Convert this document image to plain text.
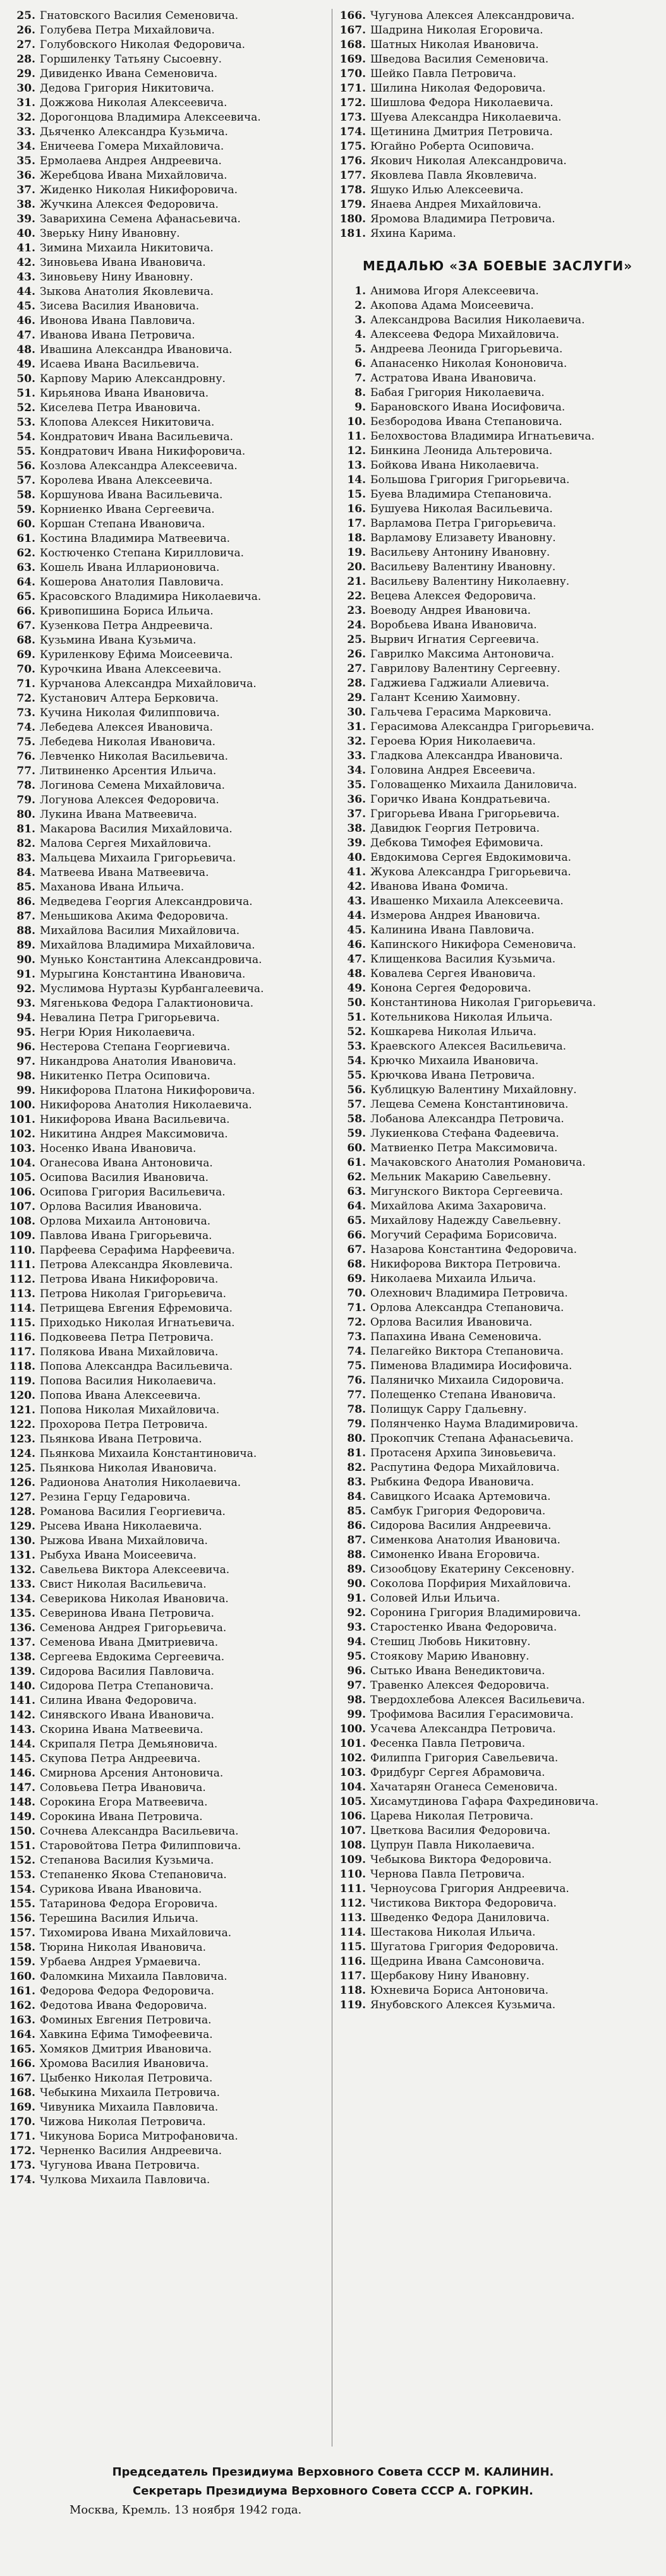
25. Гнатовского Василия Семеновича.
26. Голубева Петра Михайловича.
27. Голубовского Николая Федоровича.
28. Горшиленку Татьяну Сысоевну.
29. Дивиденко Ивана Семеновича.
30. Дедова Григория Никитовича.
31. Дожжова Николая Алексеевича.
32. Дорогонцова Владимира Алексеевича.
33. Дьяченко Александра Кузьмича.
34. Еничеева Гомера Михайловича.
35. Ермолаева Андрея Андреевича.
36. Жеребцова Ивана Михайловича.
37. Жиденко Николая Никифоровича.
38. Жучкина Алексея Федоровича.
39. Заварихина Семена Афанасьевича.
40. Зверьку Нину Ивановну.
41. Зимина Михаила Никитовича.
42. Зиновьева Ивана Ивановича.
43. Зиновьеву Нину Ивановну.
44. Зыкова Анатолия Яковлевича.
45. Зисева Василия Ивановича.
46. Ивонова Ивана Павловича.
47. Иванова Ивана Петровича.
48. Ивашина Александра Ивановича.
49. Исаева Ивана Васильевича.
50. Карпову Марию Александровну.
51. Кирьянова Ивана Ивановича.
52. Киселева Петра Ивановича.
53. Клопова Алексея Никитовича.
54. Кондратович Ивана Васильевича.
55. Кондратович Ивана Никифоровича.
56. Козлова Александра Алексеевича.
57. Королева Ивана Алексеевича.
58. Коршунова Ивана Васильевича.
59. Корниенко Ивана Сергеевича.
60. Коршан Степана Ивановича.
61. Костина Владимира Матвеевича.
62. Костюченко Степана Кирилловича.
63. Кошель Ивана Илларионовича.
64. Кошерова Анатолия Павловича.
65. Красовского Владимира Николаевича.
66. Кривопишина Бориса Ильича.
67. Кузенкова Петра Андреевича.
68. Кузьмина Ивана Кузьмича.
69. Куриленкову Ефима Моисеевича.
70. Курочкина Ивана Алексеевича.
71. Курчанова Александра Михайловича.
72. Кустанович Алтера Берковича.
73. Кучина Николая Филипповича.
74. Лебедева Алексея Ивановича.
75. Лебедева Николая Ивановича.
76. Левченко Николая Васильевича.
77. Литвиненко Арсентия Ильича.
78. Логинова Семена Михайловича.
79. Логунова Алексея Федоровича.
80. Лукина Ивана Матвеевича.
81. Макарова Василия Михайловича.
82. Малова Сергея Михайловича.
83. Мальцева Михаила Григорьевича.
84. Матвеева Ивана Матвеевича.
85. Маханова Ивана Ильича.
86. Медведева Георгия Александровича.
87. Меньшикова Акима Федоровича.
88. Михайлова Василия Михайловича.
89. Михайлова Владимира Михайловича.
90. Мунько Константина Александровича.
91. Мурыгина Константина Ивановича.
92. Муслимова Нуртазы Курбангалеевича.
93. Мягенькова Федора Галактионовича.
94. Невалина Петра Григорьевича.
95. Негри Юрия Николаевича.
96. Нестерова Степана Георгиевича.
97. Никандрова Анатолия Ивановича.
98. Никитенко Петра Осиповича.
99. Никифорова Платона Никифоровича.
100. Никифорова Анатолия Николаевича.
101. Никифорова Ивана Васильевича.
102. Никитина Андрея Максимовича.
103. Носенко Ивана Ивановича.
104. Оганесова Ивана Антоновича.
105. Осипова Василия Ивановича.
106. Осипова Григория Васильевича.
107. Орлова Василия Ивановича.
108. Орлова Михаила Антоновича.
109. Павлова Ивана Григорьевича.
110. Парфеева Серафима Нарфеевича.
111. Петрова Александра Яковлевича.
112. Петрова Ивана Никифоровича.
113. Петрова Николая Григорьевича.
114. Петрищева Евгения Ефремовича.
115. Приходько Николая Игнатьевича.
116. Подковеева Петра Петровича.
117. Полякова Ивана Михайловича.
118. Попова Александра Васильевича.
119. Попова Василия Николаевича.
120. Попова Ивана Алексеевича.
121. Попова Николая Михайловича.
122. Прохорова Петра Петровича.
123. Пьянкова Ивана Петровича.
124. Пьянкова Михаила Константиновича.
125. Пьянкова Николая Ивановича.
126. Радионова Анатолия Николаевича.
127. Резина Герцу Гедаровича.
128. Романова Василия Георгиевича.
129. Рысева Ивана Николаевича.
130. Рыжова Ивана Михайловича.
131. Рыбуха Ивана Моисеевича.
132. Савельева Виктора Алексеевича.
133. Свист Николая Васильевича.
134. Северикова Николая Ивановича.
135. Северинова Ивана Петровича.
136. Семенова Андрея Григорьевича.
137. Семенова Ивана Дмитриевича.
138. Сергеева Евдокима Сергеевича.
139. Сидорова Василия Павловича.
140. Сидорова Петра Степановича.
141. Силина Ивана Федоровича.
142. Синявского Ивана Ивановича.
143. Скорина Ивана Матвеевича.
144. Скрипаля Петра Демьяновича.
145. Скупова Петра Андреевича.
146. Смирнова Арсения Антоновича.
147. Соловьева Петра Ивановича.
148. Сорокина Егора Матвеевича.
149. Сорокина Ивана Петровича.
150. Сочнева Александра Васильевича.
151. Старовойтова Петра Филипповича.
152. Степанова Василия Кузьмича.
153. Степаненко Якова Степановича.
154. Сурикова Ивана Ивановича.
155. Татаринова Федора Егоровича.
156. Терешина Василия Ильича.
157. Тихомирова Ивана Михайловича.
158. Тюрина Николая Ивановича.
159. Урбаева Андрея Урмаевича.
160. Фаломкина Михаила Павловича.
161. Федорова Федора Федоровича.
162. Федотова Ивана Федоровича.
163. Фоминых Евгения Петровича.
164. Хавкина Ефима Тимофеевича.
165. Хомяков Дмитрия Ивановича.
166. Хромова Василия Ивановича.
167. Цыбенко Николая Петровича.
168. Чебыкина Михаила Петровича.
169. Чивуника Михаила Павловича.
170. Чижова Николая Петровича.
171. Чикунова Бориса Митрофановича.
172. Черненко Василия Андреевича.
173. Чугунова Ивана Петровича.
174. Чулкова Михаила Павловича.
166. Чугунова Алексея Александровича.
167. Шадрина Николая Егоровича.
168. Шатных Николая Ивановича.
169. Шведова Василия Семеновича.
170. Шейко Павла Петровича.
171. Шилина Николая Федоровича.
172. Шишлова Федора Николаевича.
173. Шуева Александра Николаевича.
174. Щетинина Дмитрия Петровича.
175. Югайно Роберта Осиповича.
176. Якович Николая Александровича.
177. Яковлева Павла Яковлевича.
178. Яшуко Илью Алексеевича.
179. Янаева Андрея Михайловича.
180. Яромова Владимира Петровича.
181. Яхина Карима.
МЕДАЛЬЮ «ЗА БОЕВЫЕ ЗАСЛУГИ»
1. Анимова Игоря Алексеевича.
2. Акопова Адама Моисеевича.
3. Александрова Василия Николаевича.
4. Алексеева Федора Михайловича.
5. Андреева Леонида Григорьевича.
6. Апанасенко Николая Кононовича.
7. Астратова Ивана Ивановича.
8. Бабая Григория Николаевича.
9. Барановского Ивана Иосифовича.
10. Безбородова Ивана Степановича.
11. Белохвостова Владимира Игнатьевича.
12. Бинкина Леонида Альтеровича.
13. Бойкова Ивана Николаевича.
14. Большова Григория Григорьевича.
15. Буева Владимира Степановича.
16. Бушуева Николая Васильевича.
17. Варламова Петра Григорьевича.
18. Варламову Елизавету Ивановну.
19. Васильеву Антонину Ивановну.
20. Васильеву Валентину Ивановну.
21. Васильеву Валентину Николаевну.
22. Вецева Алексея Федоровича.
23. Воеводу Андрея Ивановича.
24. Воробьева Ивана Ивановича.
25. Вырвич Игнатия Сергеевича.
26. Гаврилко Максима Антоновича.
27. Гаврилову Валентину Сергеевну.
28. Гаджиева Гаджиали Алиевича.
29. Галант Ксению Хаимовну.
30. Гальчева Герасима Марковича.
31. Герасимова Александра Григорьевича.
32. Героева Юрия Николаевича.
33. Гладкова Александра Ивановича.
34. Головина Андрея Евсеевича.
35. Головащенко Михаила Даниловича.
36. Горичко Ивана Кондратьевича.
37. Григорьева Ивана Григорьевича.
38. Давидюк Георгия Петровича.
39. Дебкова Тимофея Ефимовича.
40. Евдокимова Сергея Евдокимовича.
41. Жукова Александра Григорьевича.
42. Иванова Ивана Фомича.
43. Ивашенко Михаила Алексеевича.
44. Измерова Андрея Ивановича.
45. Калинина Ивана Павловича.
46. Капинского Никифора Семеновича.
47. Клищенкова Василия Кузьмича.
48. Ковалева Сергея Ивановича.
49. Конона Сергея Федоровича.
50. Константинова Николая Григорьевича.
51. Котельникова Николая Ильича.
52. Кошкарева Николая Ильича.
53. Краевского Алексея Васильевича.
54. Крючко Михаила Ивановича.
55. Крючкова Ивана Петровича.
56. Кублицкую Валентину Михайловну.
57. Лещева Семена Константиновича.
58. Лобанова Александра Петровича.
59. Лукиенкова Стефана Фадеевича.
60. Матвиенко Петра Максимовича.
61. Мачаковского Анатолия Романовича.
62. Мельник Макарию Савельевну.
63. Мигунского Виктора Сергеевича.
64. Михайлова Акима Захаровича.
65. Михайлову Надежду Савельевну.
66. Могучий Серафима Борисовича.
67. Назарова Константина Федоровича.
68. Никифорова Виктора Петровича.
69. Николаева Михаила Ильича.
70. Олехнович Владимира Петровича.
71. Орлова Александра Степановича.
72. Орлова Василия Ивановича.
73. Папахина Ивана Семеновича.
74. Пелагейко Виктора Степановича.
75. Пименова Владимира Иосифовича.
76. Паляничко Михаила Сидоровича.
77. Полещенко Степана Ивановича.
78. Полищук Сарру Гдальевну.
79. Полянченко Наума Владимировича.
80. Прокопчик Степана Афанасьевича.
81. Протасеня Архипа Зиновьевича.
82. Распутина Федора Михайловича.
83. Рыбкина Федора Ивановича.
84. Савицкого Исаака Артемовича.
85. Самбук Григория Федоровича.
86. Сидорова Василия Андреевича.
87. Сименкова Анатолия Ивановича.
88. Симоненко Ивана Егоровича.
89. Сизообцову Екатерину Сексеновну.
90. Соколова Порфирия Михайловича.
91. Соловей Ильи Ильича.
92. Соронина Григория Владимировича.
93. Старостенко Ивана Федоровича.
94. Стешиц Любовь Никитовну.
95. Стоякову Марию Ивановну.
96. Сытько Ивана Венедиктовича.
97. Травенко Алексея Федоровича.
98. Твердохлебова Алексея Васильевича.
99. Трофимова Василия Герасимовича.
100. Усачева Александра Петровича.
101. Фесенка Павла Петровича.
102. Филиппа Григория Савельевича.
103. Фридбург Сергея Абрамовича.
104. Хачатарян Оганеса Семеновича.
105. Хисамутдинова Гафара Фахрединовича.
106. Царева Николая Петровича.
107. Цветкова Василия Федоровича.
108. Цупрун Павла Николаевича.
109. Чебыкова Виктора Федоровича.
110. Чернова Павла Петровича.
111. Черноусова Григория Андреевича.
112. Чистикова Виктора Федоровича.
113. Шведенко Федора Даниловича.
114. Шестакова Николая Ильича.
115. Шугатова Григория Федоровича.
116. Щедрина Ивана Самсоновича.
117. Щербакову Нину Ивановну.
118. Юхневича Бориса Антоновича.
119. Янубовского Алексея Кузьмича.
Председатель Президиума Верховного Совета СССР М. КАЛИНИН.
Секретарь Президиума Верховного Совета СССР А. ГОРКИН.
Москва, Кремль. 13 ноября 1942 года.
